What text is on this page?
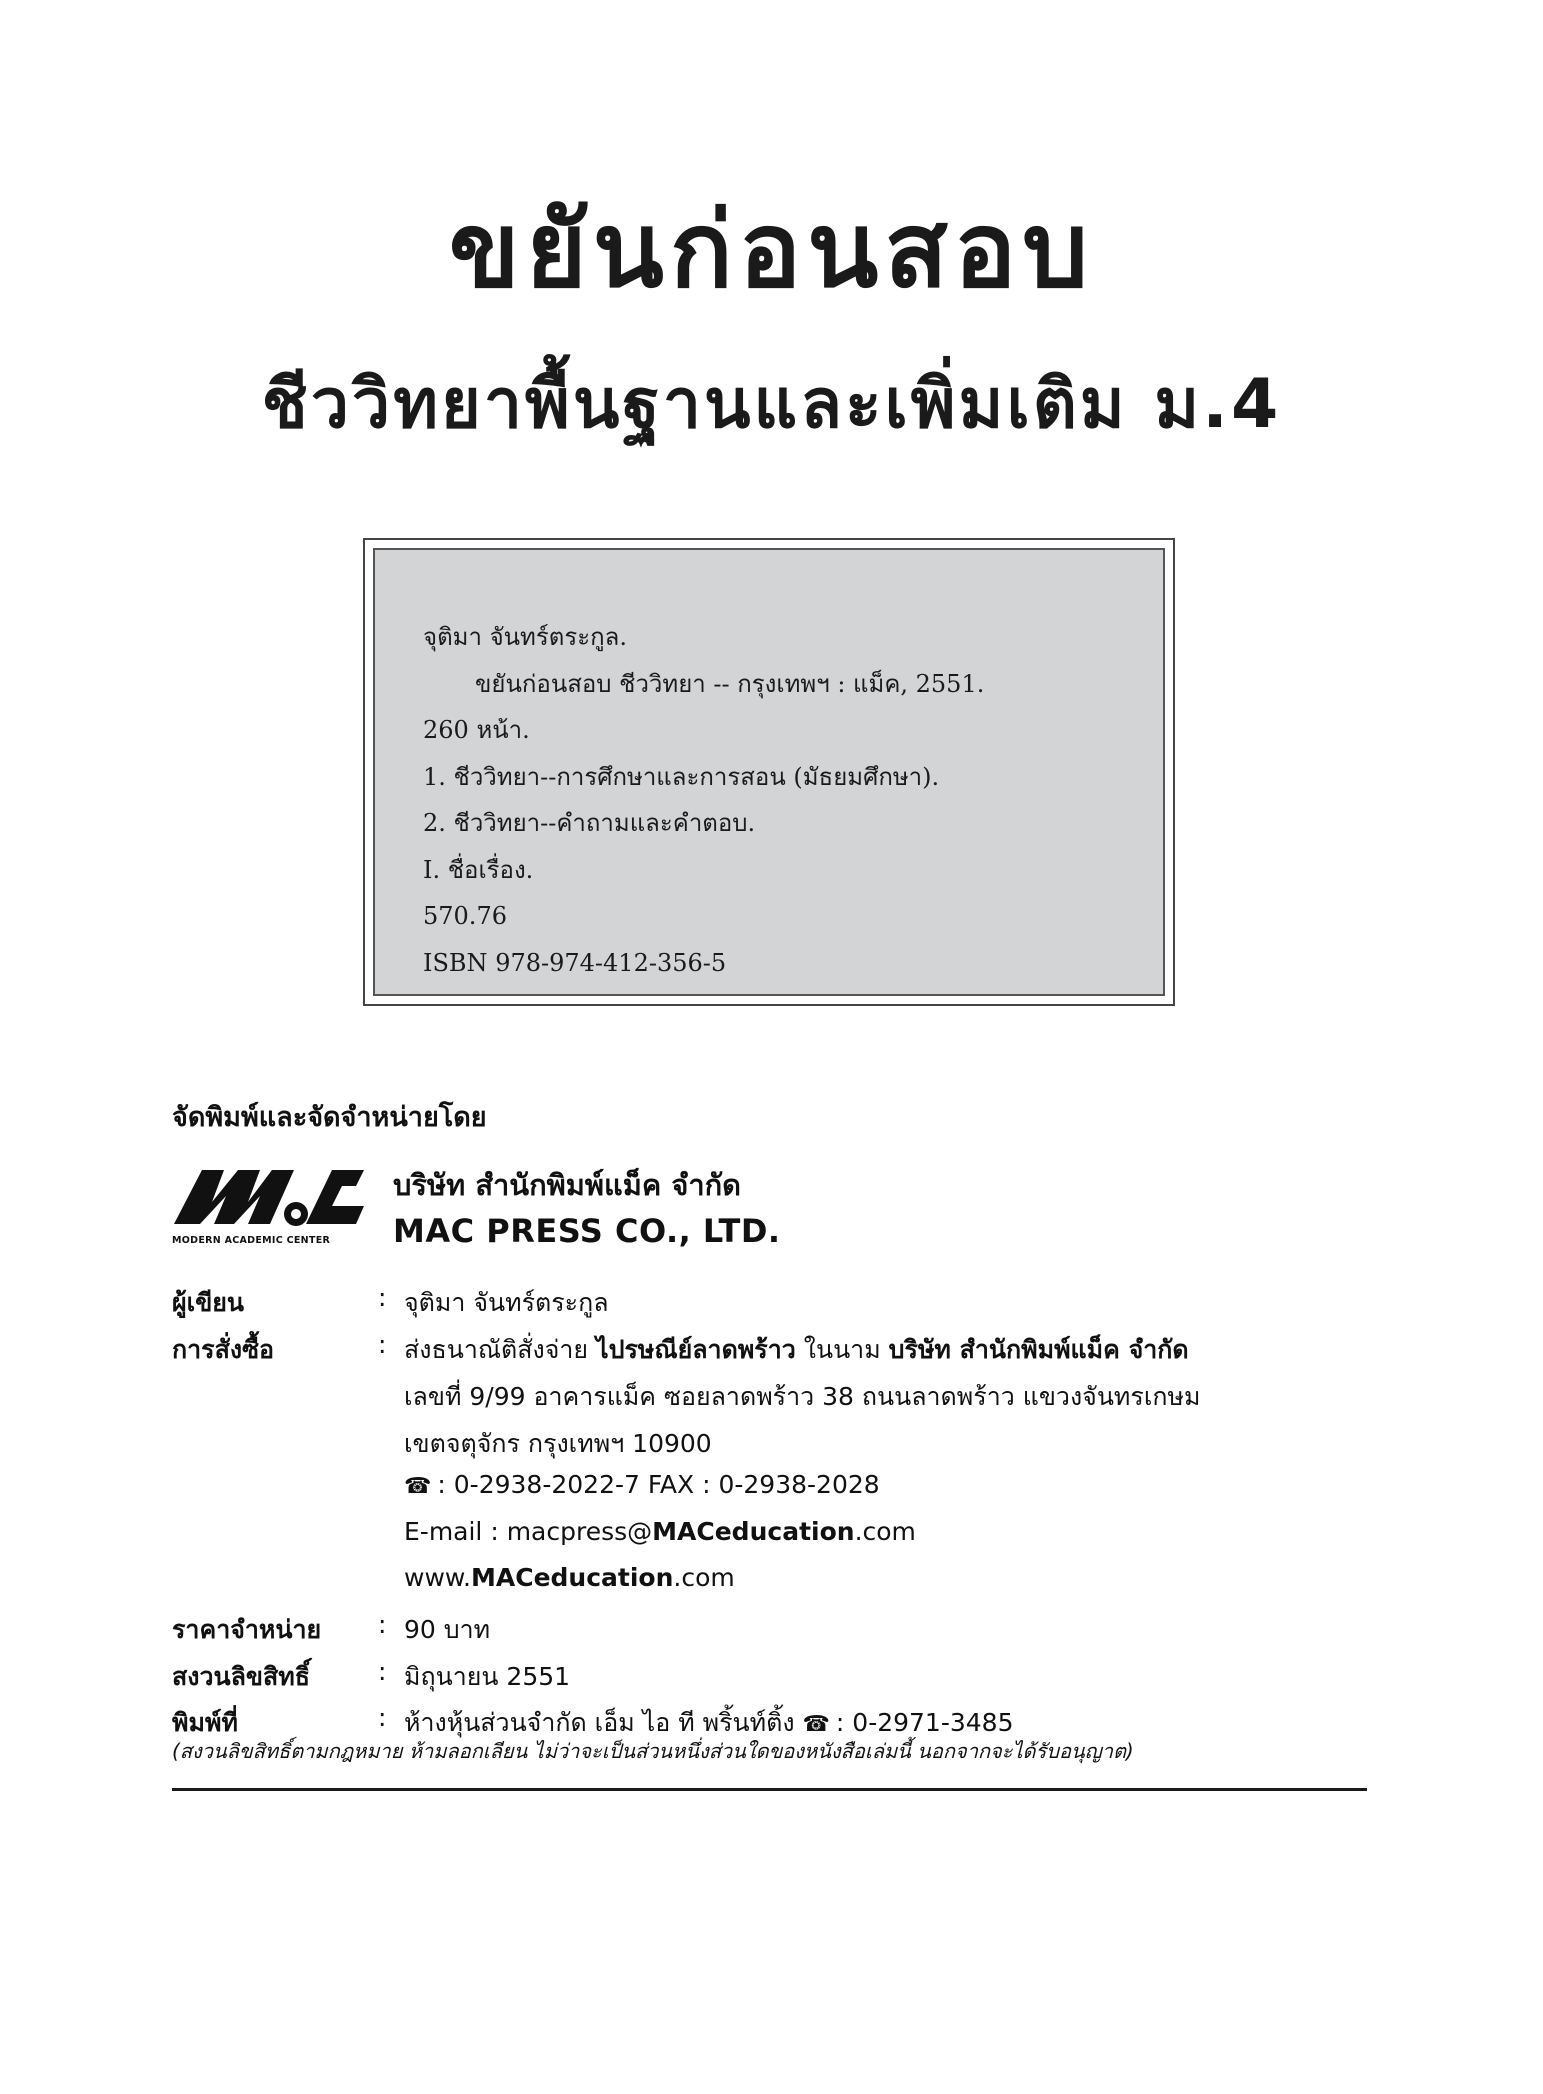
ขยันก่อนสอบ
ชีววิทยาพื้นฐานและเพิ่มเติม ม.4
จุติมา จันทร์ตระกูล.
ขยันก่อนสอบ ชีววิทยา -- กรุงเทพฯ : แม็ค, 2551.
260 หน้า.
1. ชีววิทยา--การศึกษาและการสอน (มัธยมศึกษา).
2. ชีววิทยา--คำถามและคำตอบ.
I. ชื่อเรื่อง.
570.76
ISBN 978-974-412-356-5
จัดพิมพ์และจัดจำหน่ายโดย
MODERN ACADEMIC CENTER
บริษัท สำนักพิมพ์แม็ค จำกัด
MAC PRESS CO., LTD.
ผู้เขียน	: จุติมา จันทร์ตระกูล
การสั่งซื้อ	: ส่งธนาณัติสั่งจ่าย ไปรษณีย์ลาดพร้าว ในนาม บริษัท สำนักพิมพ์แม็ค จำกัด
เลขที่ 9/99 อาคารแม็ค ซอยลาดพร้าว 38 ถนนลาดพร้าว แขวงจันทรเกษม
เขตจตุจักร กรุงเทพฯ 10900
☎ : 0-2938-2022-7 FAX : 0-2938-2028
E-mail : macpress@MACeducation.com
www.MACeducation.com
ราคาจำหน่าย : 90 บาท
สงวนลิขสิทธิ์	: มิถุนายน 2551
พิมพ์ที่	: ห้างหุ้นส่วนจำกัด เอ็ม ไอ ที พริ้นท์ติ้ง ☎ : 0-2971-3485
(สงวนลิขสิทธิ์ตามกฎหมาย ห้ามลอกเลียน ไม่ว่าจะเป็นส่วนหนึ่งส่วนใดของหนังสือเล่มนี้ นอกจากจะได้รับอนุญาต)
